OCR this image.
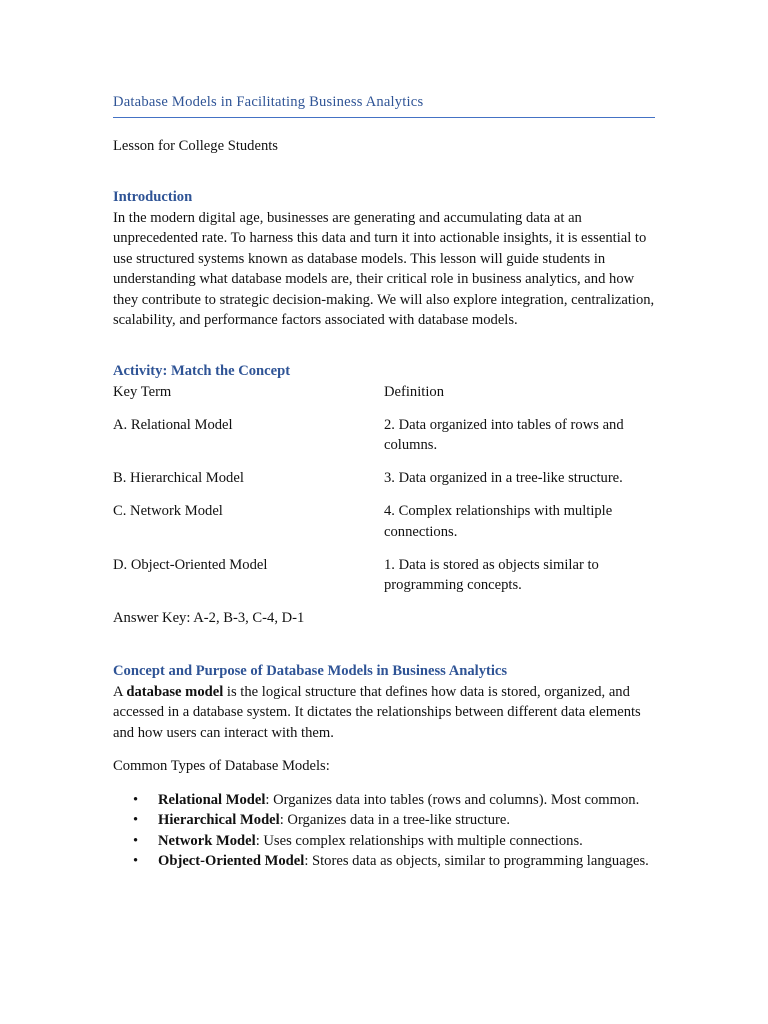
Database Models in Facilitating Business Analytics
Lesson for College Students
Introduction

In the modern digital age, businesses are generating and accumulating data at an unprecedented rate. To harness this data and turn it into actionable insights, it is essential to use structured systems known as database models. This lesson will guide students in understanding what database models are, their critical role in business analytics, and how they contribute to strategic decision-making. We will also explore integration, centralization, scalability, and performance factors associated with database models.

Activity: Match the Concept
Key Term	Definition
A. Relational Model	2. Data organized into tables of rows and columns.
B. Hierarchical Model	3. Data organized in a tree-like structure.
C. Network Model	4. Complex relationships with multiple connections.
D. Object-Oriented Model	1. Data is stored as objects similar to programming concepts.

Answer Key: A-2, B-3, C-4, D-1

Concept and Purpose of Database Models in Business Analytics

A database model is the logical structure that defines how data is stored, organized, and accessed in a database system. It dictates the relationships between different data elements and how users can interact with them.

Common Types of Database Models:

• Relational Model: Organizes data into tables (rows and columns). Most common.
• Hierarchical Model: Organizes data in a tree-like structure.
• Network Model: Uses complex relationships with multiple connections.
• Object-Oriented Model: Stores data as objects, similar to programming languages.
